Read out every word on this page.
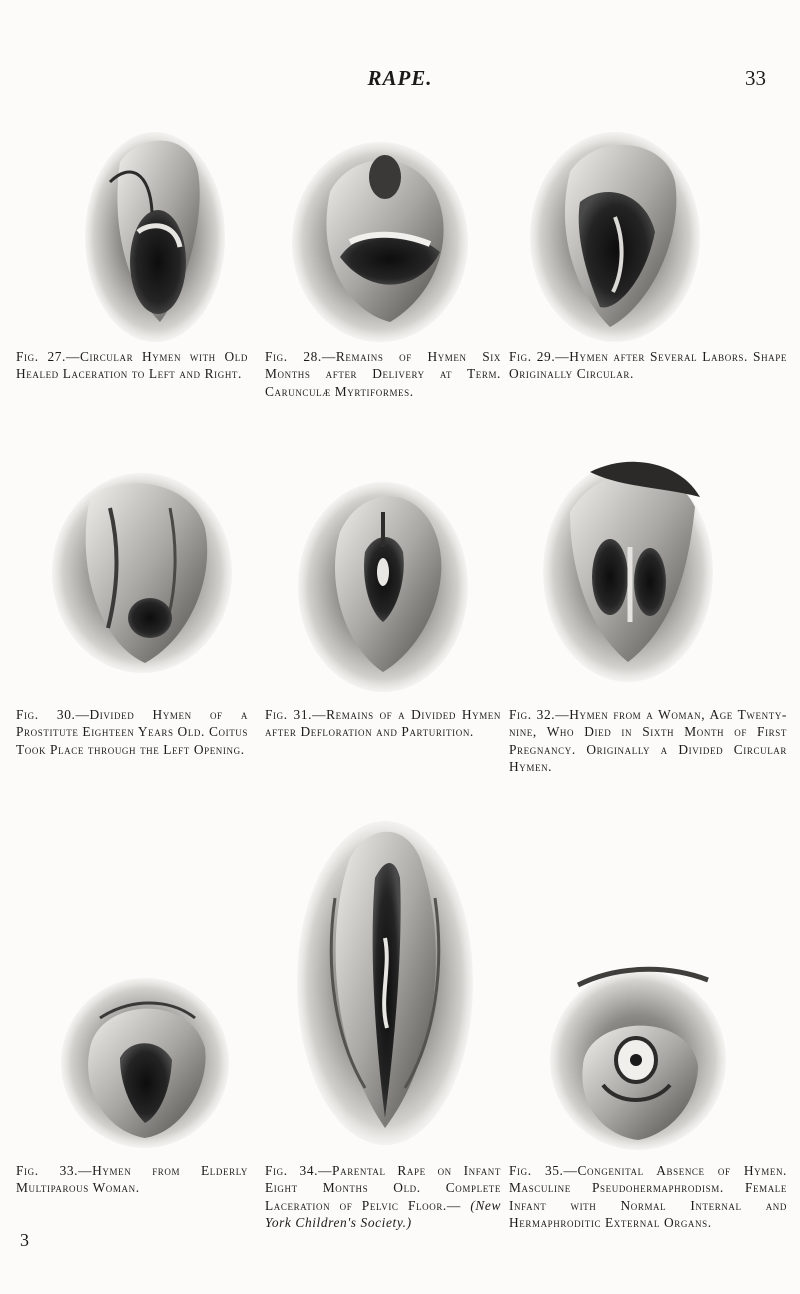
RAPE.	33
Fig. 27.—Circular Hymen with Old Healed Laceration to Left and Right.
Fig. 28.—Remains of Hymen Six Months after Delivery at Term. Carunculæ Myrtiformes.
Fig. 29.—Hymen after Several Labors. Shape Originally Circular.
Fig. 30.—Divided Hymen of a Prostitute Eighteen Years Old. Coitus Took Place through the Left Opening.
Fig. 31.—Remains of a Divided Hymen after Defloration and Parturition.
Fig. 32.—Hymen from a Woman, Age Twenty-nine, Who Died in Sixth Month of First Pregnancy. Originally a Divided Circular Hymen.
Fig. 33.—Hymen from Elderly Multiparous Woman.
Fig. 34.—Parental Rape on Infant Eight Months Old. Complete Laceration of Pelvic Floor.— (New York Children's Society.)
Fig. 35.—Congenital Absence of Hymen. Masculine Pseudohermaphrodism. Female Infant with Normal Internal and Hermaphroditic External Organs.
3
